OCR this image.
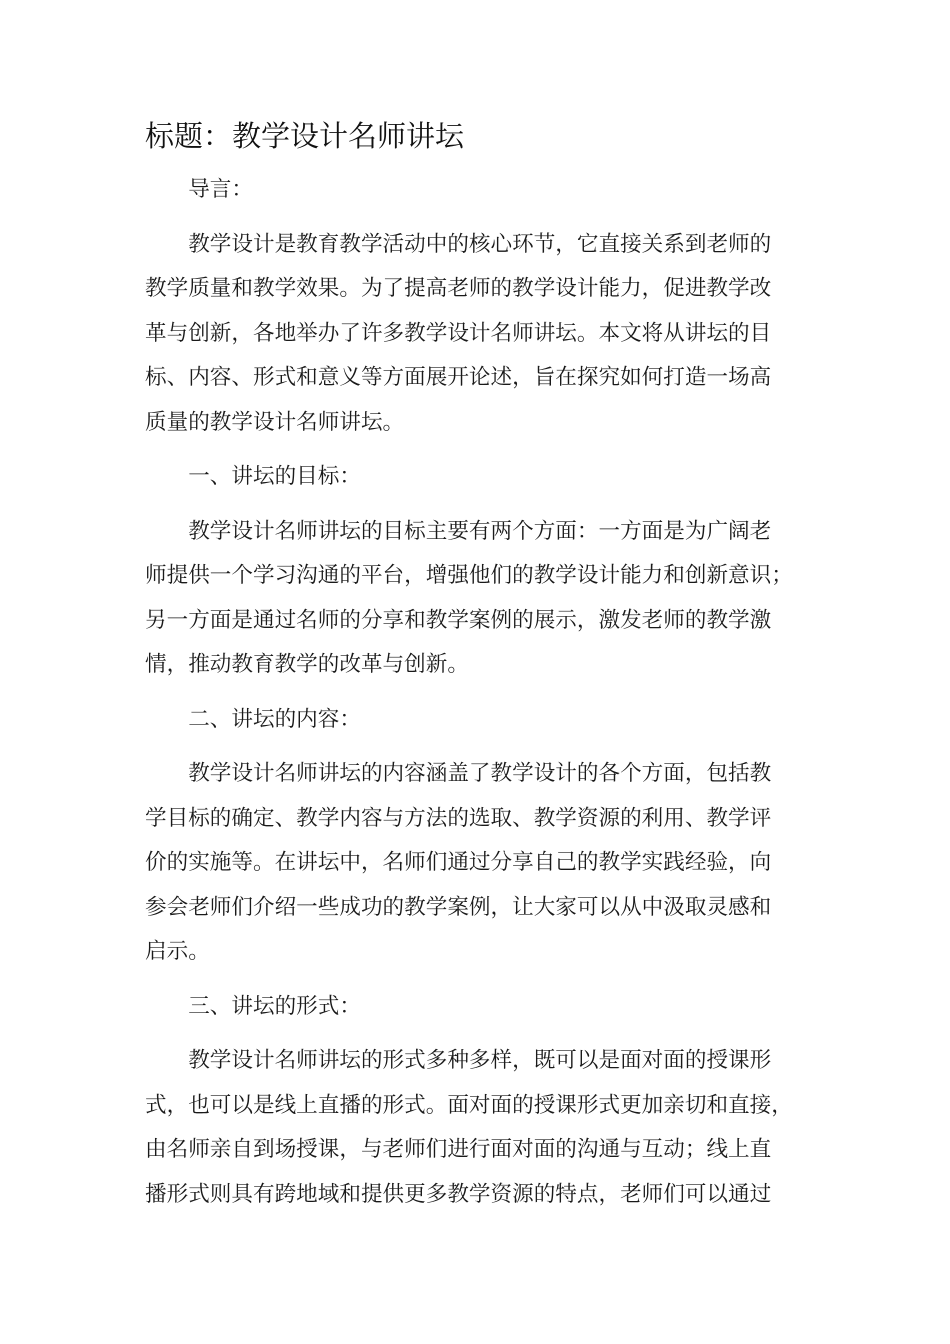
标题：教学设计名师讲坛

导言：

教学设计是教育教学活动中的核心环节，它直接关系到老师的
教学质量和教学效果。为了提高老师的教学设计能力，促进教学改
革与创新，各地举办了许多教学设计名师讲坛。本文将从讲坛的目
标、内容、形式和意义等方面展开论述，旨在探究如何打造一场高
质量的教学设计名师讲坛。

一、讲坛的目标：

教学设计名师讲坛的目标主要有两个方面：一方面是为广阔老
师提供一个学习沟通的平台，增强他们的教学设计能力和创新意识；
另一方面是通过名师的分享和教学案例的展示，激发老师的教学激
情，推动教育教学的改革与创新。

二、讲坛的内容：

教学设计名师讲坛的内容涵盖了教学设计的各个方面，包括教
学目标的确定、教学内容与方法的选取、教学资源的利用、教学评
价的实施等。在讲坛中，名师们通过分享自己的教学实践经验，向
参会老师们介绍一些成功的教学案例，让大家可以从中汲取灵感和
启示。

三、讲坛的形式：

教学设计名师讲坛的形式多种多样，既可以是面对面的授课形
式，也可以是线上直播的形式。面对面的授课形式更加亲切和直接，
由名师亲自到场授课，与老师们进行面对面的沟通与互动；线上直
播形式则具有跨地域和提供更多教学资源的特点，老师们可以通过
